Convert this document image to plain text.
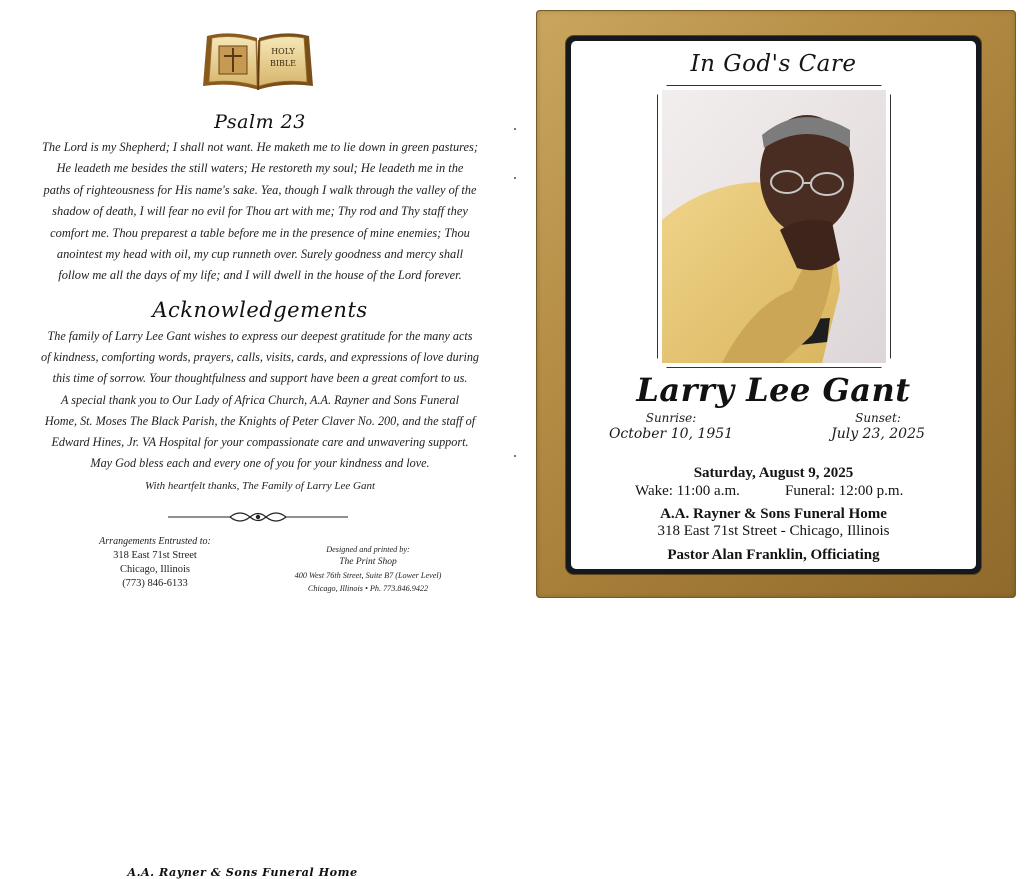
HOLY
BIBLE
Psalm 23
The Lord is my Shepherd; I shall not want. He maketh me to lie down in green pastures;
He leadeth me besides the still waters; He restoreth my soul; He leadeth me in the
paths of righteousness for His name's sake. Yea, though I walk through the valley of the
shadow of death, I will fear no evil for Thou art with me; Thy rod and Thy staff they
comfort me. Thou preparest a table before me in the presence of mine enemies; Thou
anointest my head with oil, my cup runneth over. Surely goodness and mercy shall
follow me all the days of my life; and I will dwell in the house of the Lord forever.
Acknowledgements
The family of Larry Lee Gant wishes to express our deepest gratitude for the many acts
of kindness, comforting words, prayers, calls, visits, cards, and expressions of love during
this time of sorrow. Your thoughtfulness and support have been a great comfort to us.
A special thank you to Our Lady of Africa Church, A.A. Rayner and Sons Funeral
Home, St. Moses The Black Parish, the Knights of Peter Claver No. 200, and the staff of
Edward Hines, Jr. VA Hospital for your compassionate care and unwavering support.
May God bless each and every one of you for your kindness and love.
With heartfelt thanks, The Family of Larry Lee Gant
Arrangements Entrusted to:
A.A. Rayner & Sons Funeral Home
318 East 71st Street
Chicago, Illinois
(773) 846-6133
Designed and printed by:
The Print Shop
400 West 76th Street, Suite B7 (Lower Level)
Chicago, Illinois • Ph. 773.846.9422
In God's Care
Larry Lee Gant
Sunrise:
October 10, 1951
Sunset:
July 23, 2025
Saturday, August 9, 2025
Wake: 11:00 a.m.	Funeral: 12:00 p.m.
A.A. Rayner & Sons Funeral Home
318 East 71st Street - Chicago, Illinois
Pastor Alan Franklin, Officiating
